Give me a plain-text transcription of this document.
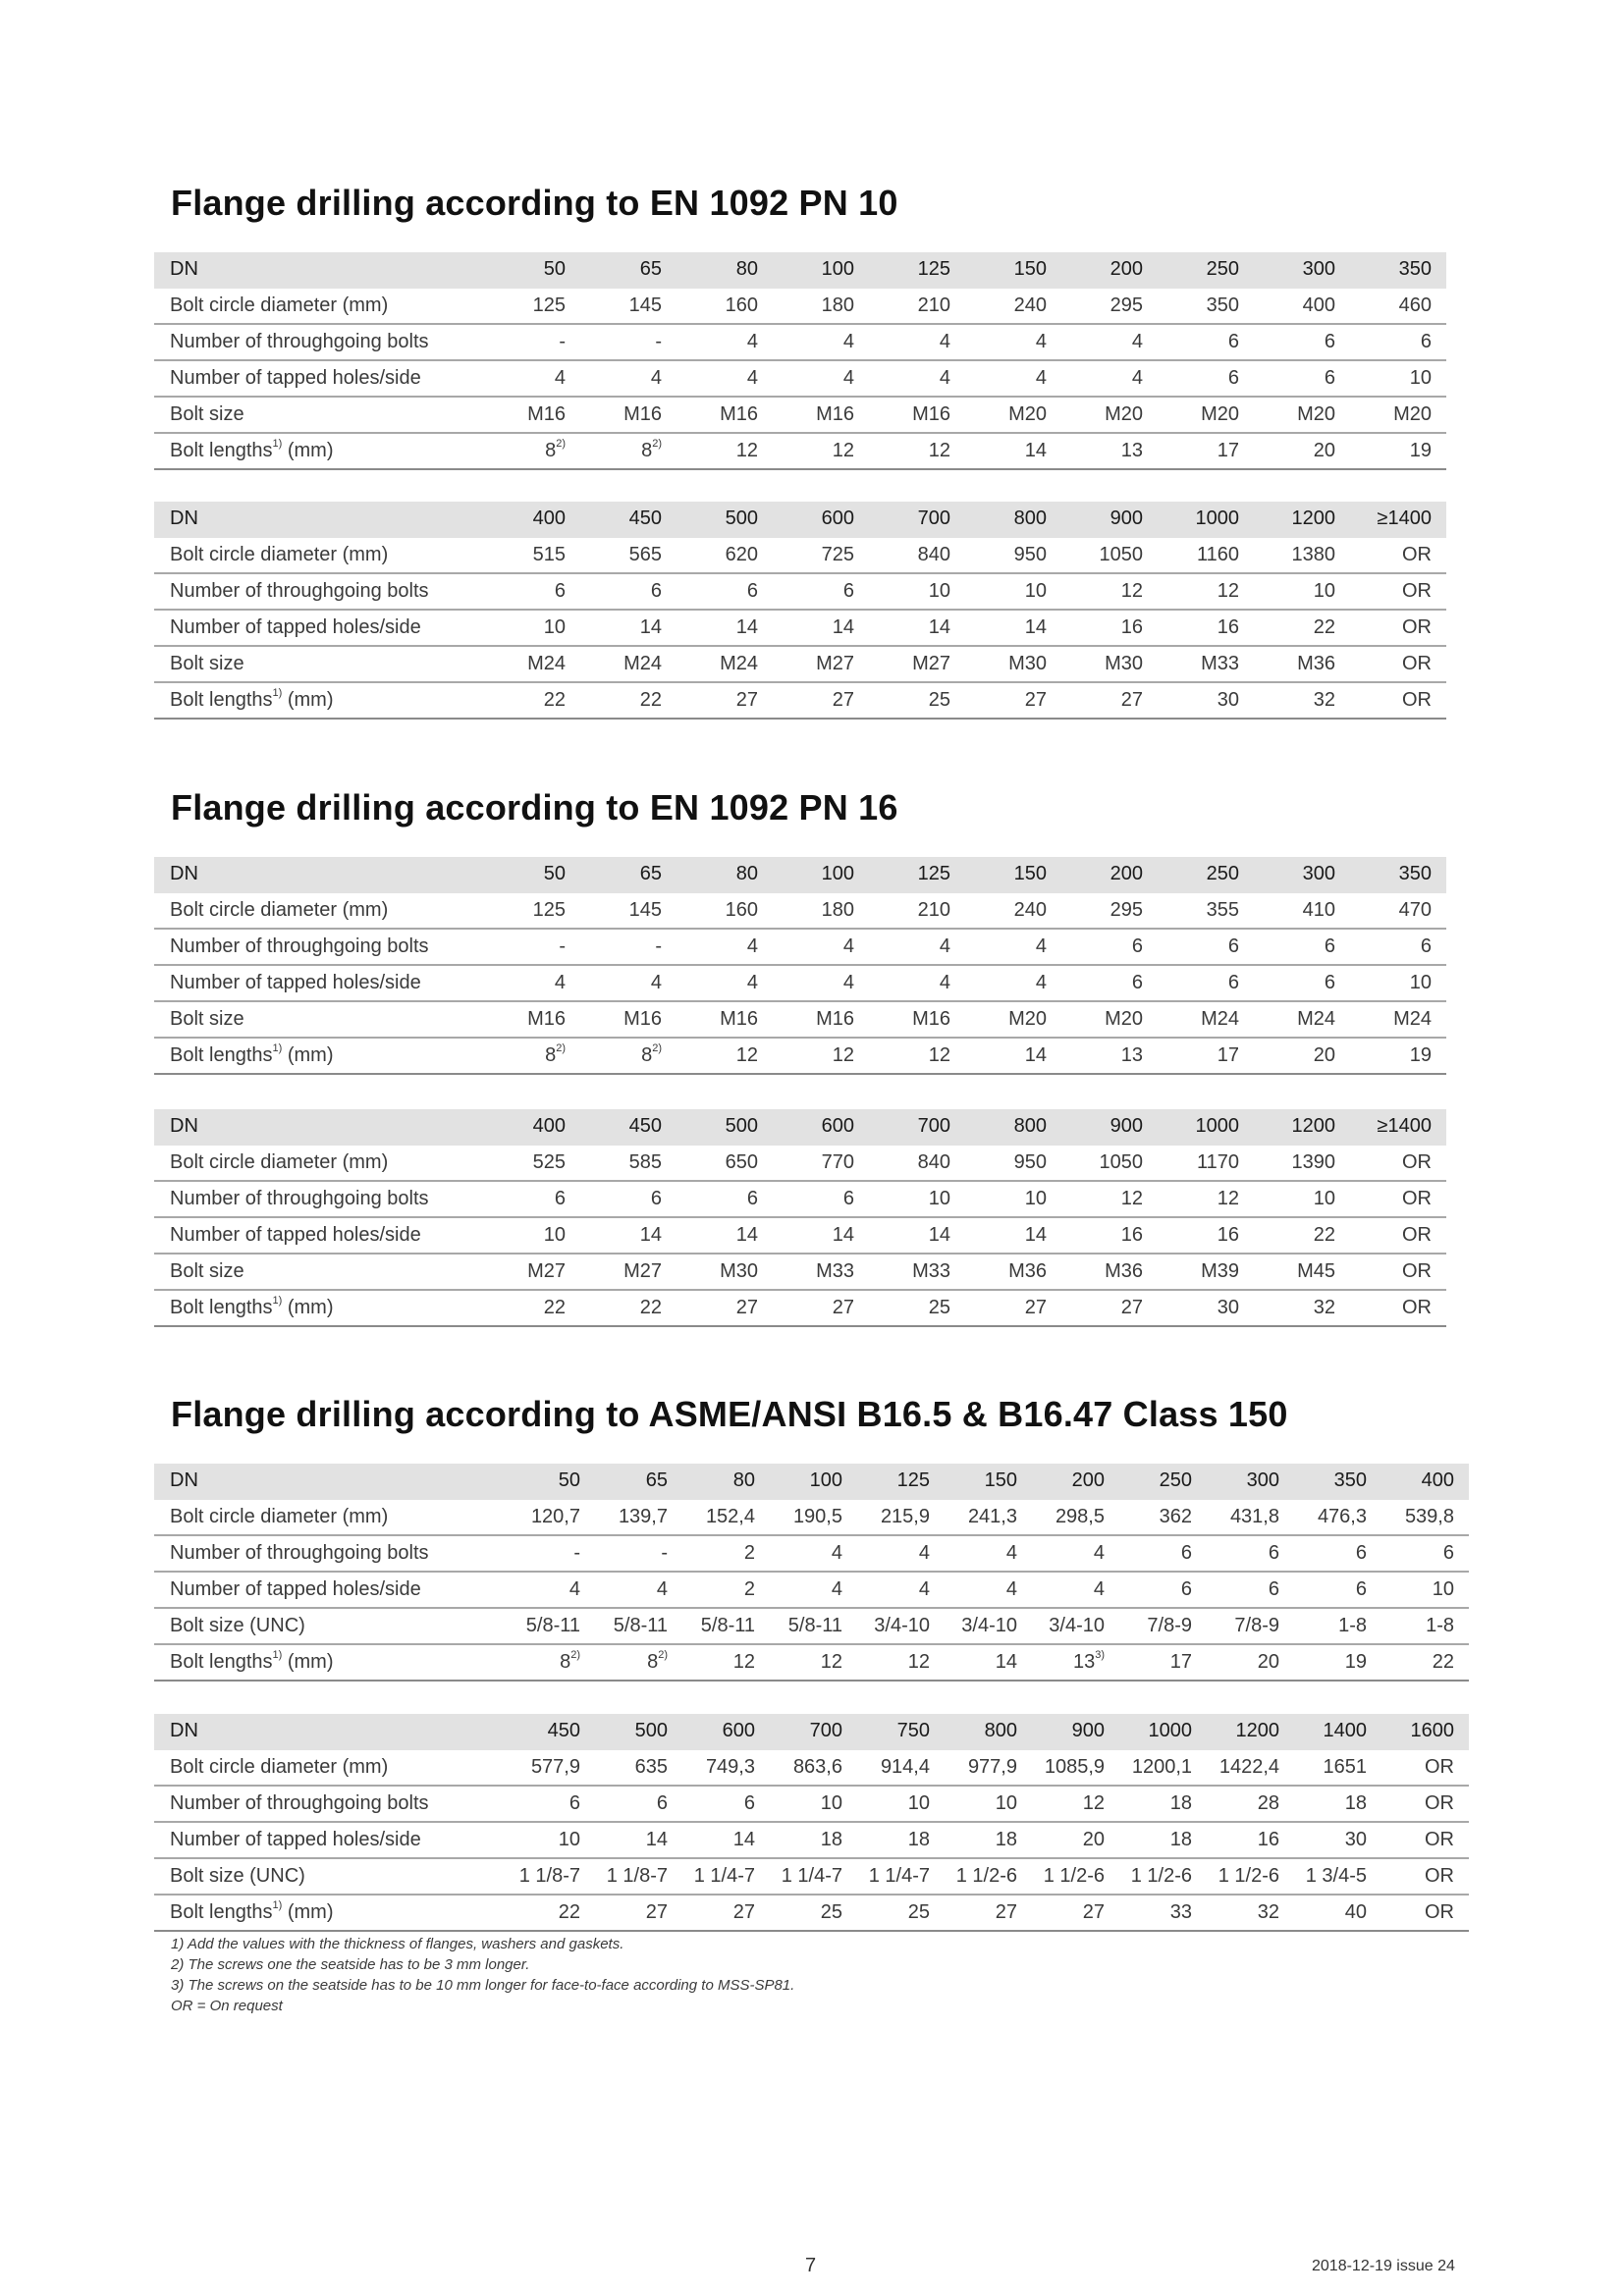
Flange drilling according to EN 1092 PN 10
DN	50	65	80	100	125	150	200	250	300	350
Bolt circle diameter (mm)	125	145	160	180	210	240	295	350	400	460
Number of throughgoing bolts	-	-	4	4	4	4	4	6	6	6
Number of tapped holes/side	4	4	4	4	4	4	4	6	6	10
Bolt size	M16	M16	M16	M16	M16	M20	M20	M20	M20	M20
Bolt lengths$^{1)}$ (mm)	8$^{2)}$	8$^{2)}$	12	12	12	14	13	17	20	19
DN	400	450	500	600	700	800	900	1000	1200	≥1400
Bolt circle diameter (mm)	515	565	620	725	840	950	1050	1160	1380	OR
Number of throughgoing bolts	6	6	6	6	10	10	12	12	10	OR
Number of tapped holes/side	10	14	14	14	14	14	16	16	22	OR
Bolt size	M24	M24	M24	M27	M27	M30	M30	M33	M36	OR
Bolt lengths$^{1)}$ (mm)	22	22	27	27	25	27	27	30	32	OR
Flange drilling according to EN 1092 PN 16
DN	50	65	80	100	125	150	200	250	300	350
Bolt circle diameter (mm)	125	145	160	180	210	240	295	355	410	470
Number of throughgoing bolts	-	-	4	4	4	4	6	6	6	6
Number of tapped holes/side	4	4	4	4	4	4	6	6	6	10
Bolt size	M16	M16	M16	M16	M16	M20	M20	M24	M24	M24
Bolt lengths$^{1)}$ (mm)	8$^{2)}$	8$^{2)}$	12	12	12	14	13	17	20	19
DN	400	450	500	600	700	800	900	1000	1200	≥1400
Bolt circle diameter (mm)	525	585	650	770	840	950	1050	1170	1390	OR
Number of throughgoing bolts	6	6	6	6	10	10	12	12	10	OR
Number of tapped holes/side	10	14	14	14	14	14	16	16	22	OR
Bolt size	M27	M27	M30	M33	M33	M36	M36	M39	M45	OR
Bolt lengths$^{1)}$ (mm)	22	22	27	27	25	27	27	30	32	OR
Flange drilling according to ASME/ANSI B16.5 & B16.47 Class 150
DN	50	65	80	100	125	150	200	250	300	350	400
Bolt circle diameter (mm)	120,7	139,7	152,4	190,5	215,9	241,3	298,5	362	431,8	476,3	539,8
Number of throughgoing bolts	-	-	2	4	4	4	4	6	6	6	6
Number of tapped holes/side	4	4	2	4	4	4	4	6	6	6	10
Bolt size (UNC)	5/8-11	5/8-11	5/8-11	5/8-11	3/4-10	3/4-10	3/4-10	7/8-9	7/8-9	1-8	1-8
Bolt lengths$^{1)}$ (mm)	8$^{2)}$	8$^{2)}$	12	12	12	14	13$^{3)}$	17	20	19	22
DN	450	500	600	700	750	800	900	1000	1200	1400	1600
Bolt circle diameter (mm)	577,9	635	749,3	863,6	914,4	977,9	1085,9	1200,1	1422,4	1651	OR
Number of throughgoing bolts	6	6	6	10	10	10	12	18	28	18	OR
Number of tapped holes/side	10	14	14	18	18	18	20	18	16	30	OR
Bolt size (UNC)	1 1/8-7	1 1/8-7	1 1/4-7	1 1/4-7	1 1/4-7	1 1/2-6	1 1/2-6	1 1/2-6	1 1/2-6	1 3/4-5	OR
Bolt lengths$^{1)}$ (mm)	22	27	27	25	25	27	27	33	32	40	OR
1) Add the values with the thickness of flanges, washers and gaskets.
2) The screws one the seatside has to be 3 mm longer.
3) The screws on the seatside has to be 10 mm longer for face-to-face according to MSS-SP81.
OR = On request
7	2018-12-19 issue 24
